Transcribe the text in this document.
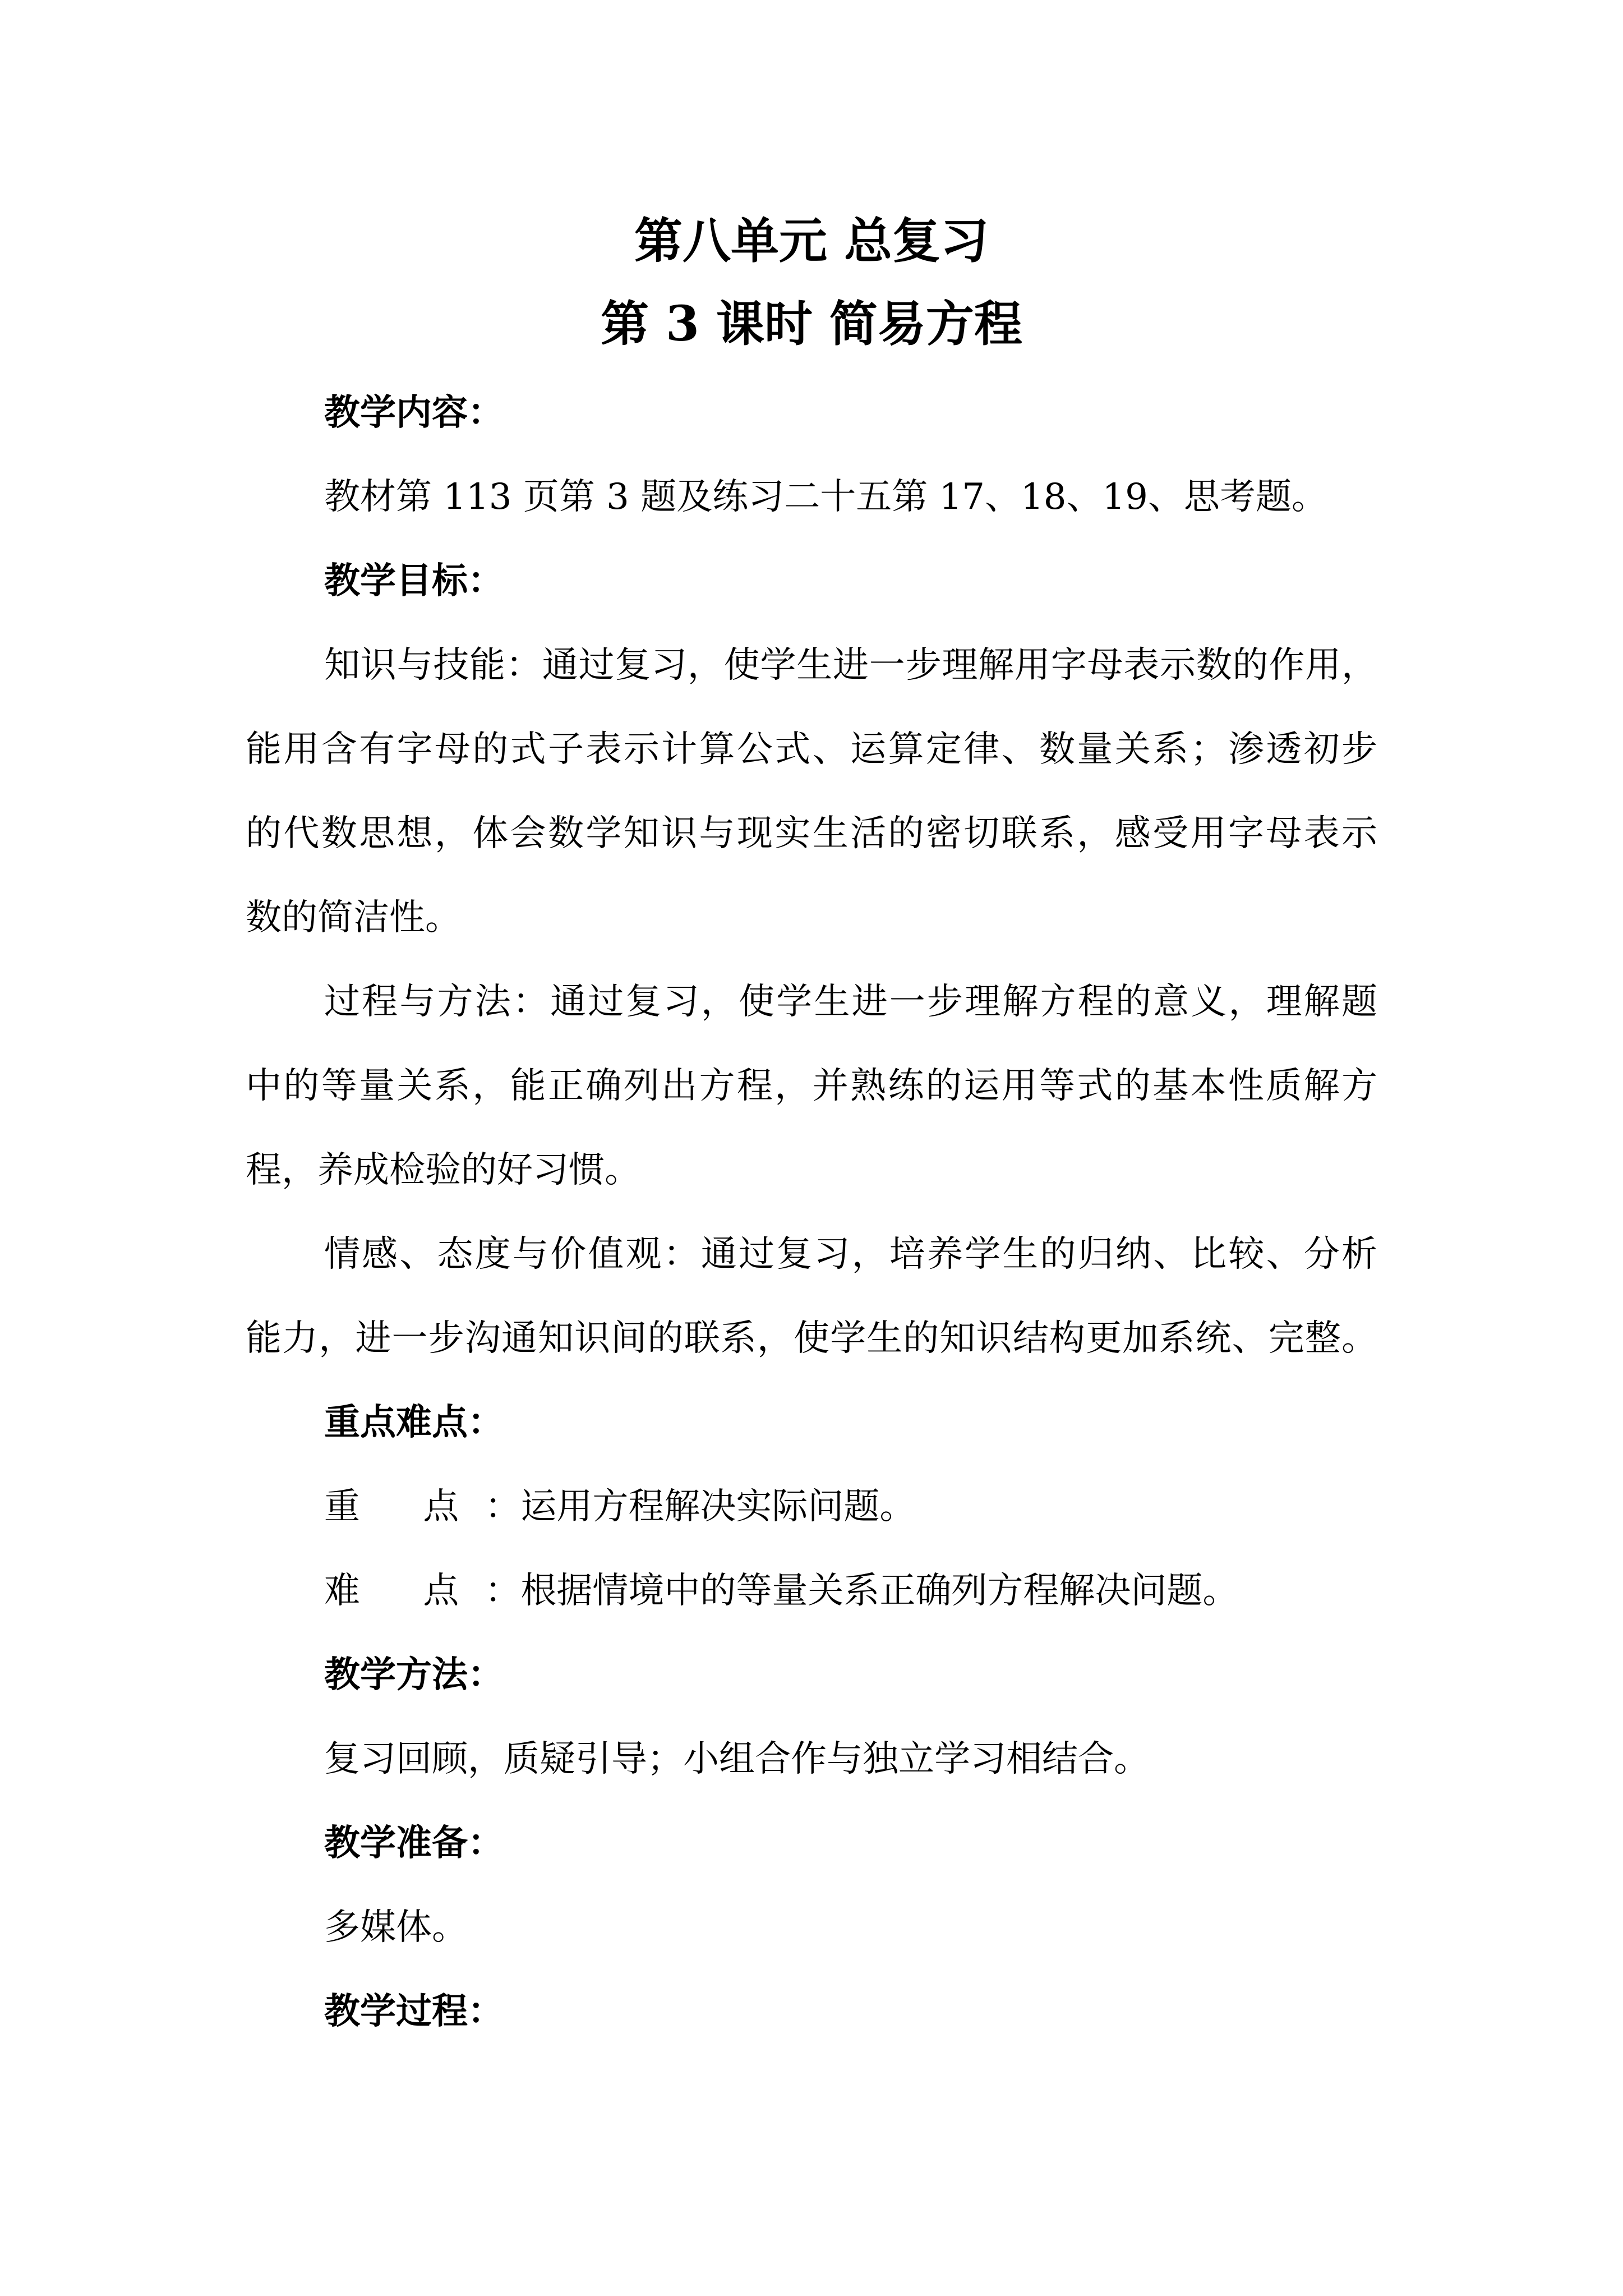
第八单元 总复习
第 3 课时 简易方程
教学内容：
教材第 113 页第 3 题及练习二十五第 17、18、19、思考题。
教学目标：
知识与技能：通过复习，使学生进一步理解用字母表示数的作用，
能用含有字母的式子表示计算公式、运算定律、数量关系；渗透初步
的代数思想，体会数学知识与现实生活的密切联系，感受用字母表示
数的简洁性。
过程与方法：通过复习，使学生进一步理解方程的意义，理解题
中的等量关系，能正确列出方程，并熟练的运用等式的基本性质解方
程，养成检验的好习惯。
情感、态度与价值观：通过复习，培养学生的归纳、比较、分析
能力，进一步沟通知识间的联系，使学生的知识结构更加系统、完整。
重点难点：
重 点：运用方程解决实际问题。
难 点：根据情境中的等量关系正确列方程解决问题。
教学方法：
复习回顾，质疑引导；小组合作与独立学习相结合。
教学准备：
多媒体。
教学过程：
